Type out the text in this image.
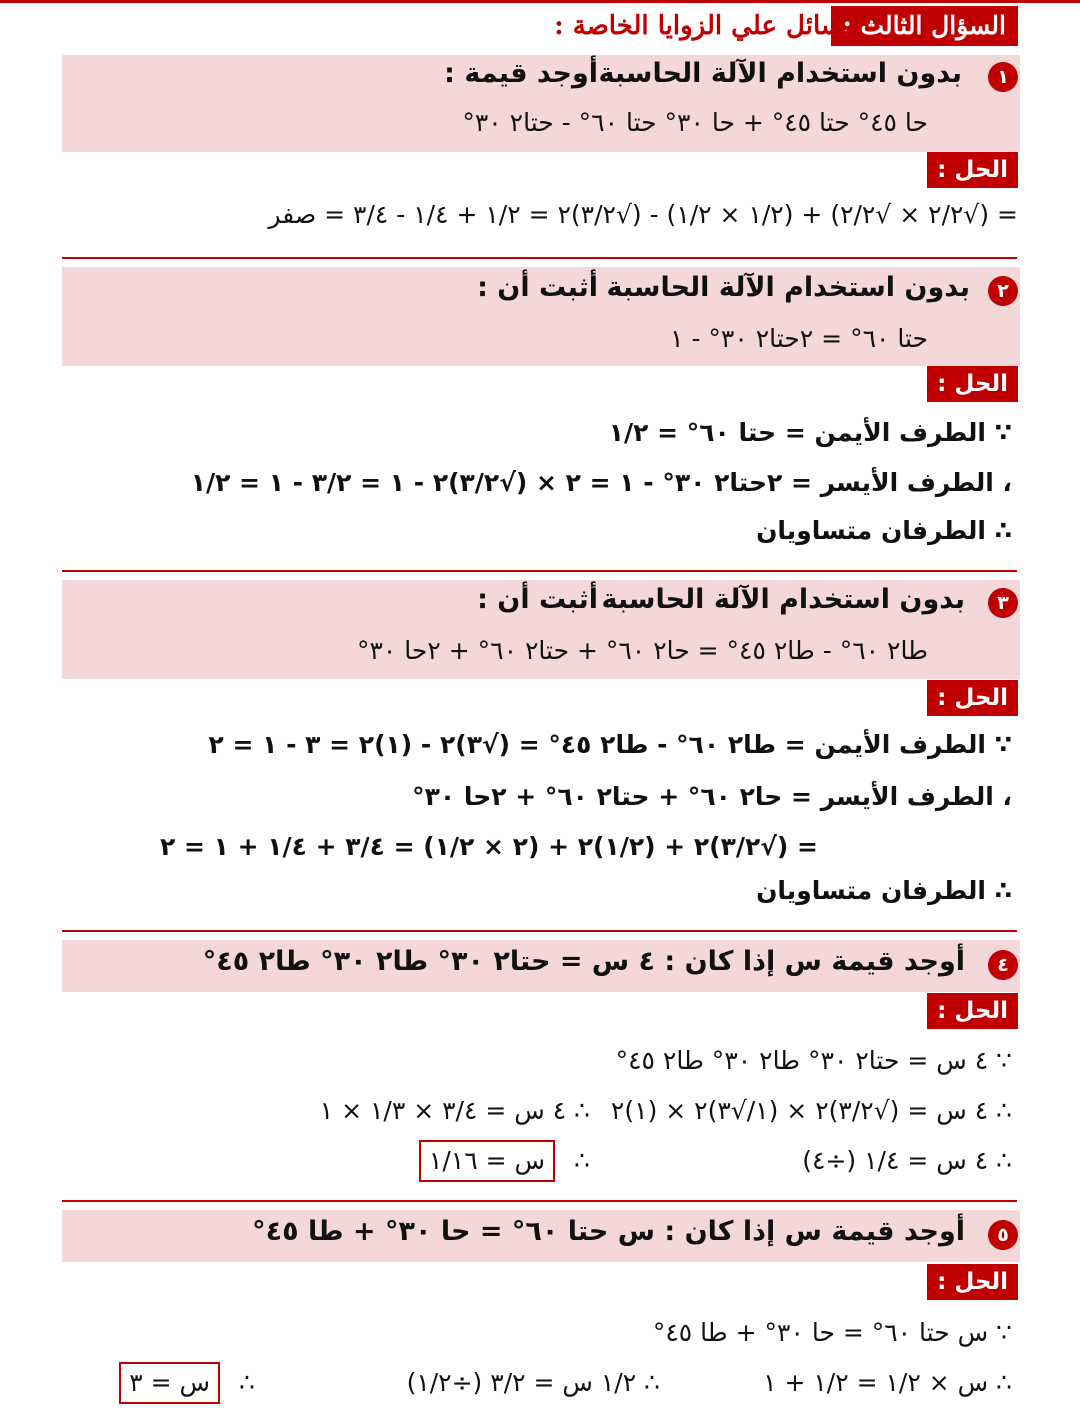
السؤال الثالث :
مسائل علي الزوايا الخاصة :
١
بدون استخدام الآلة الحاسبة
أوجد قيمة :
حا ٤٥° حتا ٤٥° + حا ٣٠° حتا ٦٠° - حتا٢ ٣٠°
الحل :
= (√٢/٢ × √٢/٢) + (١/٢ × ١/٢) - (√٣/٢)٢ = ١/٢ + ١/٤ - ٣/٤ = صفر
٢
بدون استخدام الآلة الحاسبة
أثبت أن :
حتا ٦٠° = ٢حتا٢ ٣٠° - ١
الحل :
∵ الطرف الأيمن = حتا ٦٠° = ١/٢
، الطرف الأيسر = ٢حتا٢ ٣٠° - ١ = ٢ × (√٣/٢)٢ - ١ = ٣/٢ - ١ = ١/٢
∴ الطرفان متساويان
٣
بدون استخدام الآلة الحاسبة
أثبت أن :
طا٢ ٦٠° - طا٢ ٤٥° = حا٢ ٦٠° + حتا٢ ٦٠° + ٢حا ٣٠°
الحل :
∵ الطرف الأيمن = طا٢ ٦٠° - طا٢ ٤٥° = (√٣)٢ - (١)٢ = ٣ - ١ = ٢
، الطرف الأيسر = حا٢ ٦٠° + حتا٢ ٦٠° + ٢حا ٣٠°
= (√٣/٢)٢ + (١/٢)٢ + (٢ × ١/٢) = ٣/٤ + ١/٤ + ١ = ٢
∴ الطرفان متساويان
٤
أوجد قيمة س إذا كان : ٤ س = حتا٢ ٣٠° طا٢ ٣٠° طا٢ ٤٥°
الحل :
∵ ٤ س = حتا٢ ٣٠° طا٢ ٣٠° طا٢ ٤٥°
∴ ٤ س = (√٣/٢)٢ × (١/√٣)٢ × (١)٢
∴ ٤ س = ٣/٤ × ١/٣ × ١
∴ ٤ س = ١/٤ (÷٤)
∴
س = ١/١٦
٥
أوجد قيمة س إذا كان : س حتا ٦٠° = حا ٣٠° + طا ٤٥°
الحل :
∵ س حتا ٦٠° = حا ٣٠° + طا ٤٥°
∴ س × ١/٢ = ١/٢ + ١
∴ ١/٢ س = ٣/٢ (÷١/٢)
∴
س = ٣
